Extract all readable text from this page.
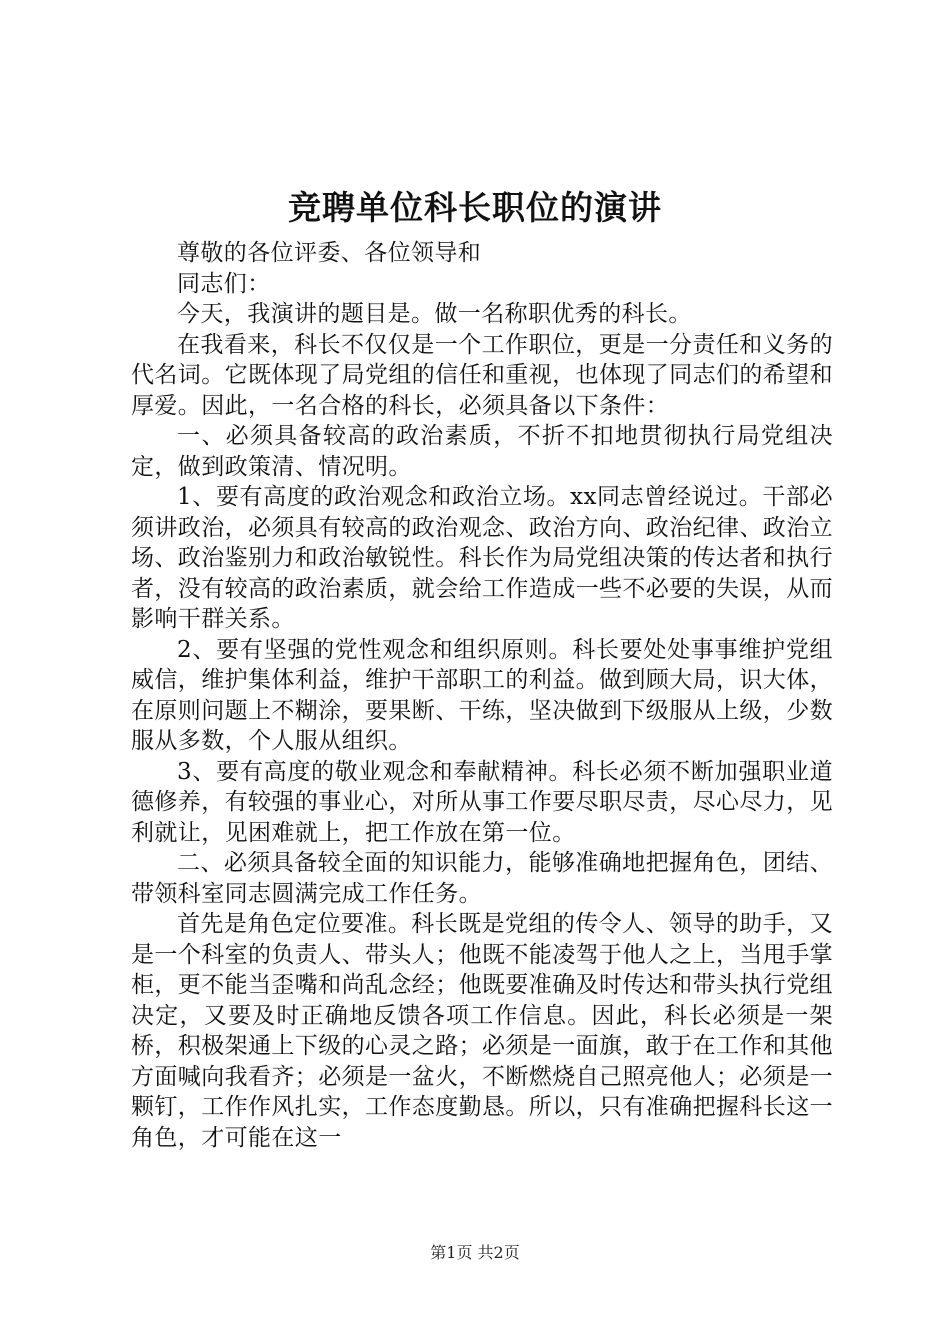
竞聘单位科长职位的演讲

尊敬的各位评委、各位领导和

同志们：

今天，我演讲的题目是。做一名称职优秀的科长。

在我看来，科长不仅仅是一个工作职位，更是一分责任和义务的代名词。它既体现了局党组的信任和重视，也体现了同志们的希望和厚爱。因此，一名合格的科长，必须具备以下条件：

一、必须具备较高的政治素质，不折不扣地贯彻执行局党组决定，做到政策清、情况明。

1、要有高度的政治观念和政治立场。xx同志曾经说过。干部必须讲政治，必须具有较高的政治观念、政治方向、政治纪律、政治立场、政治鉴别力和政治敏锐性。科长作为局党组决策的传达者和执行者，没有较高的政治素质，就会给工作造成一些不必要的失误，从而影响干群关系。

2、要有坚强的党性观念和组织原则。科长要处处事事维护党组威信，维护集体利益，维护干部职工的利益。做到顾大局，识大体，在原则问题上不糊涂，要果断、干练，坚决做到下级服从上级，少数服从多数，个人服从组织。

3、要有高度的敬业观念和奉献精神。科长必须不断加强职业道德修养，有较强的事业心，对所从事工作要尽职尽责，尽心尽力，见利就让，见困难就上，把工作放在第一位。

二、必须具备较全面的知识能力，能够准确地把握角色，团结、带领科室同志圆满完成工作任务。

首先是角色定位要准。科长既是党组的传令人、领导的助手，又是一个科室的负责人、带头人；他既不能凌驾于他人之上，当甩手掌柜，更不能当歪嘴和尚乱念经；他既要准确及时传达和带头执行党组决定，又要及时正确地反馈各项工作信息。因此，科长必须是一架桥，积极架通上下级的心灵之路；必须是一面旗，敢于在工作和其他方面喊向我看齐；必须是一盆火，不断燃烧自己照亮他人；必须是一颗钉，工作作风扎实，工作态度勤恳。所以，只有准确把握科长这一角色，才可能在这一

第1页 共2页
